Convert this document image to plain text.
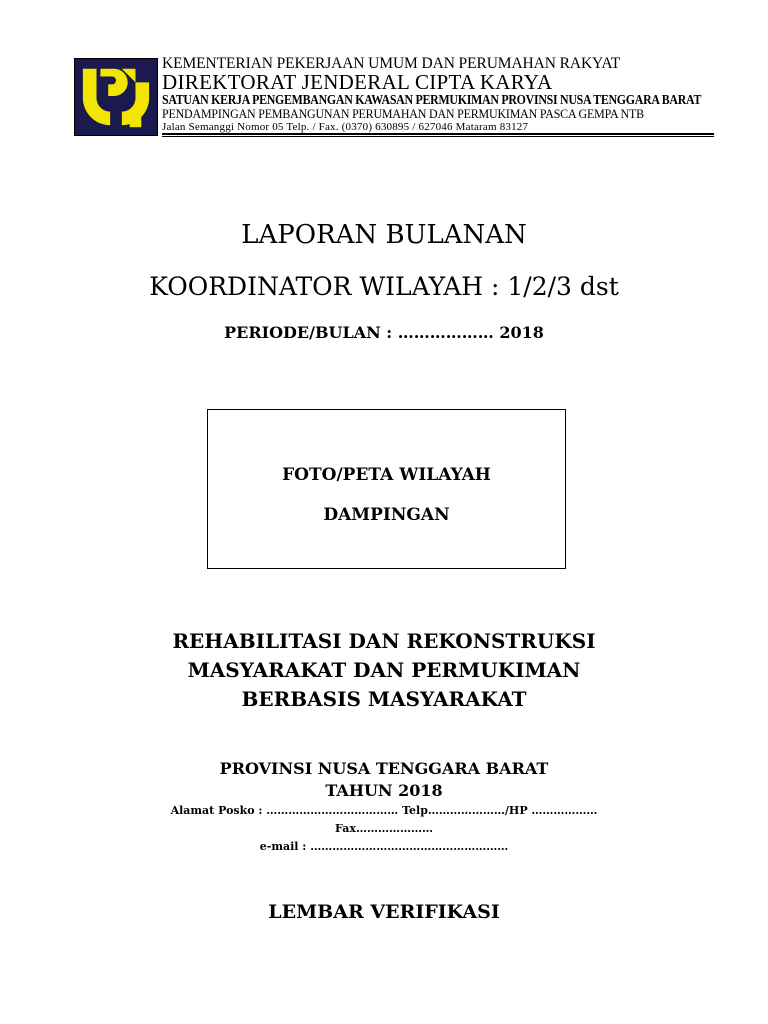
KEMENTERIAN PEKERJAAN UMUM DAN PERUMAHAN RAKYAT
DIREKTORAT JENDERAL CIPTA KARYA
SATUAN KERJA PENGEMBANGAN KAWASAN PERMUKIMAN PROVINSI NUSA TENGGARA BARAT
PENDAMPINGAN PEMBANGUNAN PERUMAHAN DAN PERMUKIMAN PASCA GEMPA NTB
Jalan Semanggi Nomor 05 Telp. / Fax. (0370) 630895 / 627046 Mataram 83127
LAPORAN BULANAN
KOORDINATOR WILAYAH : 1/2/3 dst
PERIODE/BULAN : ……………… 2018
FOTO/PETA WILAYAH
DAMPINGAN
REHABILITASI DAN REKONSTRUKSI
MASYARAKAT DAN PERMUKIMAN
BERBASIS MASYARAKAT
PROVINSI NUSA TENGGARA BARAT
TAHUN 2018
Alamat Posko : ……………………………… Telp…………………/HP ………………
Fax…………………
e-mail : ………………………………………………
LEMBAR VERIFIKASI
